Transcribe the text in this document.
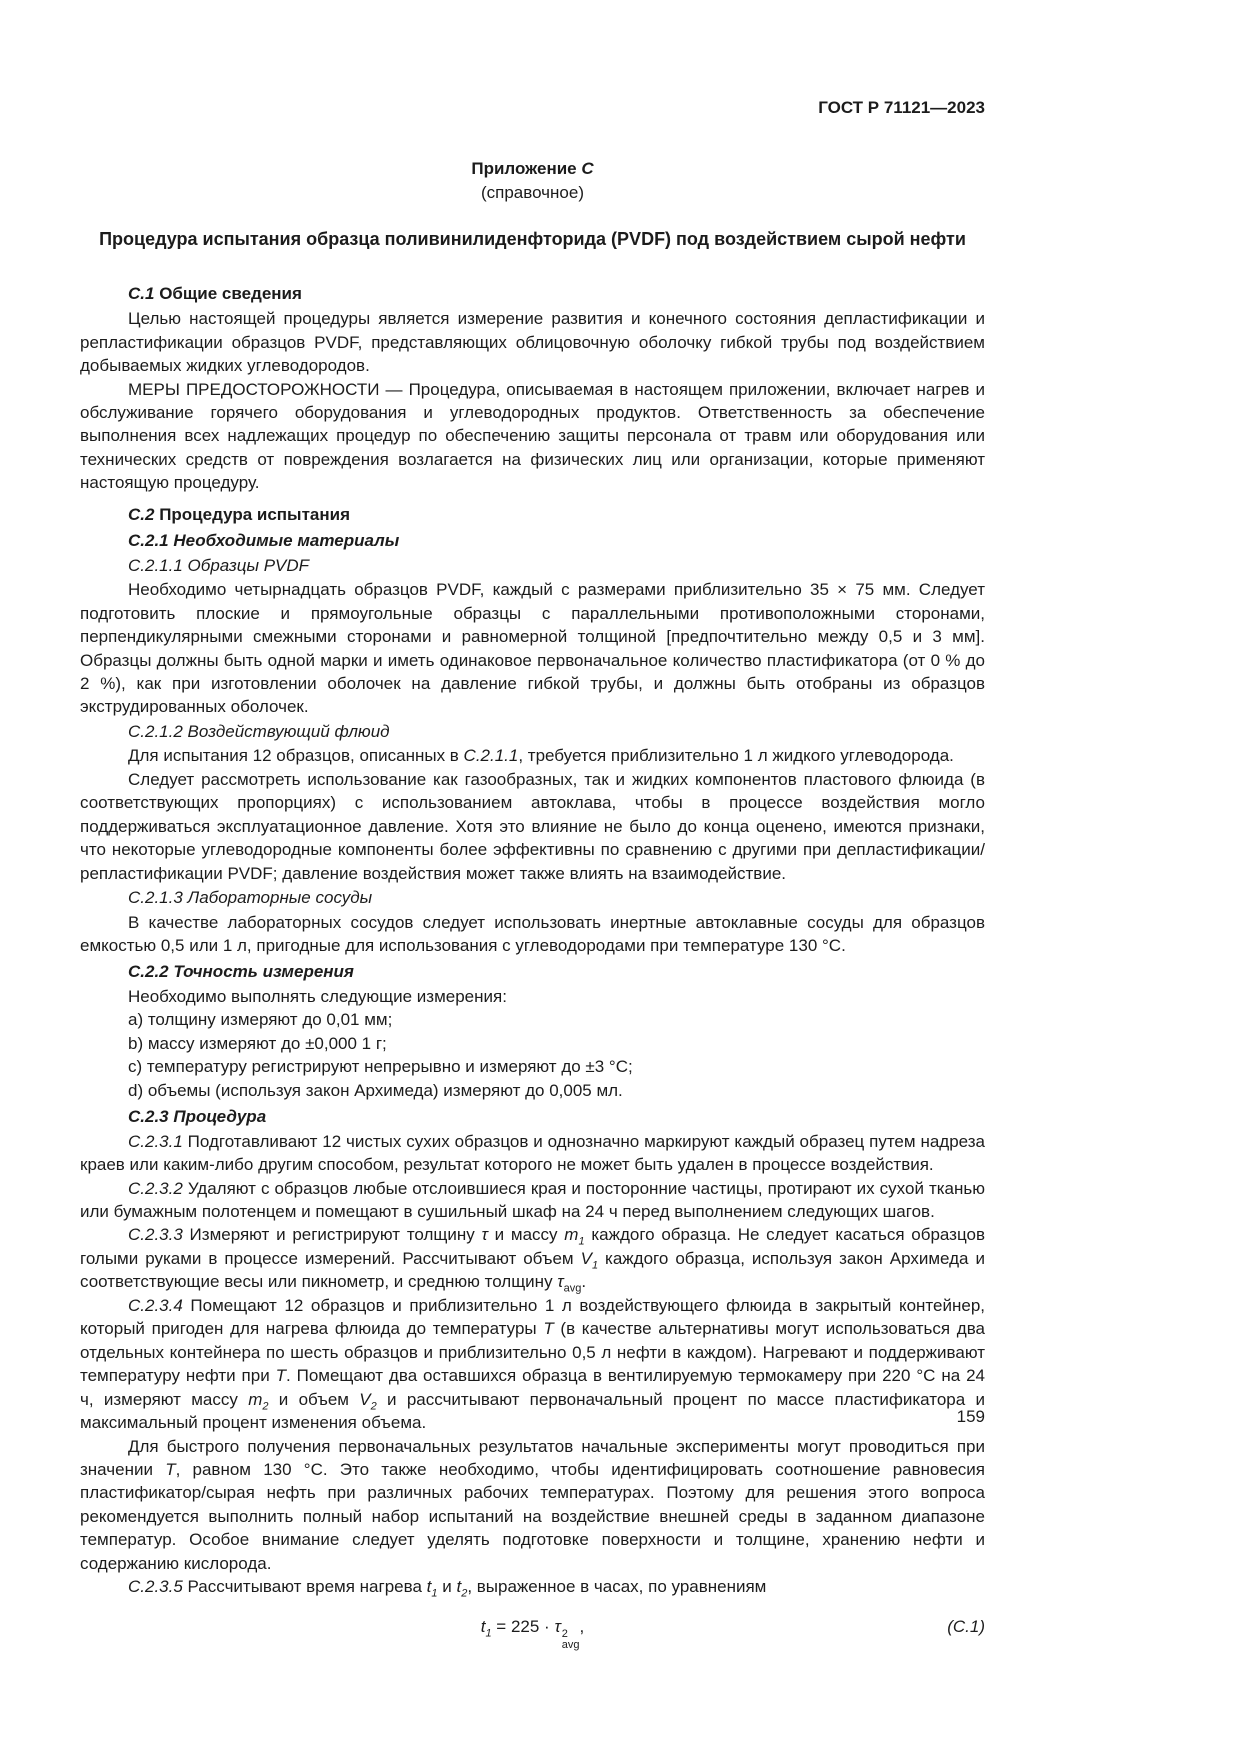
ГОСТ Р 71121—2023
Приложение С
(справочное)
Процедура испытания образца поливинилиденфторида (PVDF) под воздействием сырой нефти
С.1 Общие сведения
Целью настоящей процедуры является измерение развития и конечного состояния депластификации и репластификации образцов PVDF, представляющих облицовочную оболочку гибкой трубы под воздействием добываемых жидких углеводородов.
МЕРЫ ПРЕДОСТОРОЖНОСТИ — Процедура, описываемая в настоящем приложении, включает нагрев и обслуживание горячего оборудования и углеводородных продуктов. Ответственность за обеспечение выполнения всех надлежащих процедур по обеспечению защиты персонала от травм или оборудования или технических средств от повреждения возлагается на физических лиц или организации, которые применяют настоящую процедуру.
С.2 Процедура испытания
С.2.1 Необходимые материалы
С.2.1.1 Образцы PVDF
Необходимо четырнадцать образцов PVDF, каждый с размерами приблизительно 35 × 75 мм. Следует подготовить плоские и прямоугольные образцы с параллельными противоположными сторонами, перпендикулярными смежными сторонами и равномерной толщиной [предпочтительно между 0,5 и 3 мм]. Образцы должны быть одной марки и иметь одинаковое первоначальное количество пластификатора (от 0 % до 2 %), как при изготовлении оболочек на давление гибкой трубы, и должны быть отобраны из образцов экструдированных оболочек.
С.2.1.2 Воздействующий флюид
Для испытания 12 образцов, описанных в С.2.1.1, требуется приблизительно 1 л жидкого углеводорода.
Следует рассмотреть использование как газообразных, так и жидких компонентов пластового флюида (в соответствующих пропорциях) с использованием автоклава, чтобы в процессе воздействия могло поддерживаться эксплуатационное давление. Хотя это влияние не было до конца оценено, имеются признаки, что некоторые углеводородные компоненты более эффективны по сравнению с другими при депластификации/репластификации PVDF; давление воздействия может также влиять на взаимодействие.
С.2.1.3 Лабораторные сосуды
В качестве лабораторных сосудов следует использовать инертные автоклавные сосуды для образцов емкостью 0,5 или 1 л, пригодные для использования с углеводородами при температуре 130 °С.
С.2.2 Точность измерения
Необходимо выполнять следующие измерения:
a) толщину измеряют до 0,01 мм;
b) массу измеряют до ±0,000 1 г;
c) температуру регистрируют непрерывно и измеряют до ±3 °С;
d) объемы (используя закон Архимеда) измеряют до 0,005 мл.
С.2.3 Процедура
С.2.3.1 Подготавливают 12 чистых сухих образцов и однозначно маркируют каждый образец путем надреза краев или каким-либо другим способом, результат которого не может быть удален в процессе воздействия.
С.2.3.2 Удаляют с образцов любые отслоившиеся края и посторонние частицы, протирают их сухой тканью или бумажным полотенцем и помещают в сушильный шкаф на 24 ч перед выполнением следующих шагов.
С.2.3.3 Измеряют и регистрируют толщину τ и массу $m_1$ каждого образца. Не следует касаться образцов голыми руками в процессе измерений. Рассчитывают объем $V_1$ каждого образца, используя закон Архимеда и соответствующие весы или пикнометр, и среднюю толщину $\tau_{avg}$.
С.2.3.4 Помещают 12 образцов и приблизительно 1 л воздействующего флюида в закрытый контейнер, который пригоден для нагрева флюида до температуры T (в качестве альтернативы могут использоваться два отдельных контейнера по шесть образцов и приблизительно 0,5 л нефти в каждом). Нагревают и поддерживают температуру нефти при T. Помещают два оставшихся образца в вентилируемую термокамеру при 220 °С на 24 ч, измеряют массу $m_2$ и объем $V_2$ и рассчитывают первоначальный процент по массе пластификатора и максимальный процент изменения объема.
Для быстрого получения первоначальных результатов начальные эксперименты могут проводиться при значении T, равном 130 °С. Это также необходимо, чтобы идентифицировать соотношение равновесия пластификатор/сырая нефть при различных рабочих температурах. Поэтому для решения этого вопроса рекомендуется выполнить полный набор испытаний на воздействие внешней среды в заданном диапазоне температур. Особое внимание следует уделять подготовке поверхности и толщине, хранению нефти и содержанию кислорода.
С.2.3.5 Рассчитывают время нагрева $t_1$ и $t_2$, выраженное в часах, по уравнениям
$t_1 = 225 \cdot \tau$ 2
avg
,	(С.1)
159
